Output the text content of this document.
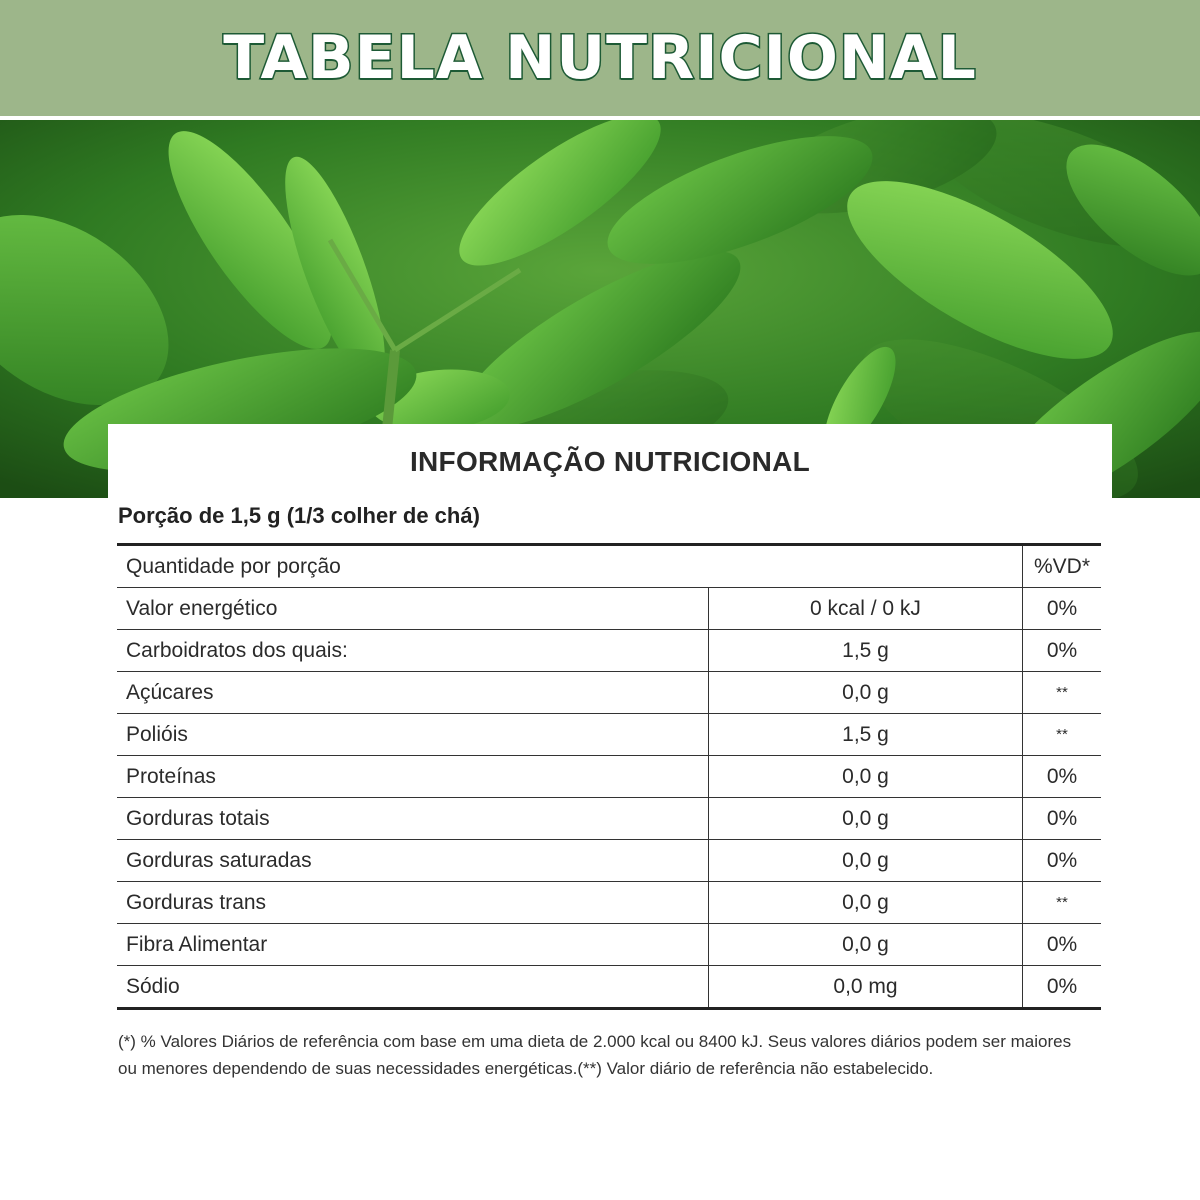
TABELA NUTRICIONAL
INFORMAÇÃO NUTRICIONAL
Porção de 1,5 g (1/3 colher de chá)
Quantidade por porção		%VD*
Valor energético	0 kcal / 0 kJ	0%
Carboidratos dos quais:	1,5 g	0%
Açúcares	0,0 g	**
Polióis	1,5 g	**
Proteínas	0,0 g	0%
Gorduras totais	0,0 g	0%
Gorduras saturadas	0,0 g	0%
Gorduras trans	0,0 g	**
Fibra Alimentar	0,0 g	0%
Sódio	0,0 mg	0%
(*) % Valores Diários de referência com base em uma dieta de 2.000 kcal ou 8400 kJ. Seus valores diários podem ser maiores ou menores dependendo de suas necessidades energéticas.(**) Valor diário de referência não estabelecido.
